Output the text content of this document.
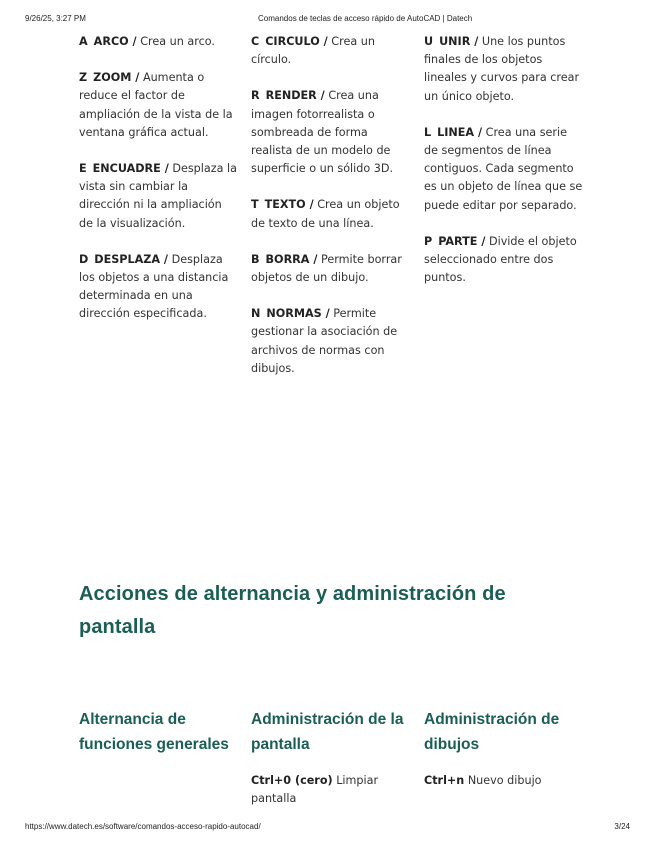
9/26/25, 3:27 PM	Comandos de teclas de acceso rápido de AutoCAD | Datech

A ARCO / Crea un arco.

Z ZOOM / Aumenta o reduce el factor de ampliación de la vista de la ventana gráfica actual.

E ENCUADRE / Desplaza la vista sin cambiar la dirección ni la ampliación de la visualización.

D DESPLAZA / Desplaza los objetos a una distancia determinada en una dirección especificada.

C CIRCULO / Crea un círculo.

R RENDER / Crea una imagen fotorrealista o sombreada de forma realista de un modelo de superficie o un sólido 3D.

T TEXTO / Crea un objeto de texto de una línea.

B BORRA / Permite borrar objetos de un dibujo.

N NORMAS / Permite gestionar la asociación de archivos de normas con dibujos.

U UNIR / Une los puntos finales de los objetos lineales y curvos para crear un único objeto.

L LINEA / Crea una serie de segmentos de línea contiguos. Cada segmento es un objeto de línea que se puede editar por separado.

P PARTE / Divide el objeto seleccionado entre dos puntos.

Acciones de alternancia y administración de pantalla
Alternancia de funciones generales
Administración de la pantalla
Administración de dibujos

Ctrl+0 (cero) Limpiar pantalla

Ctrl+n Nuevo dibujo

https://www.datech.es/software/comandos-acceso-rapido-autocad/	3/24
